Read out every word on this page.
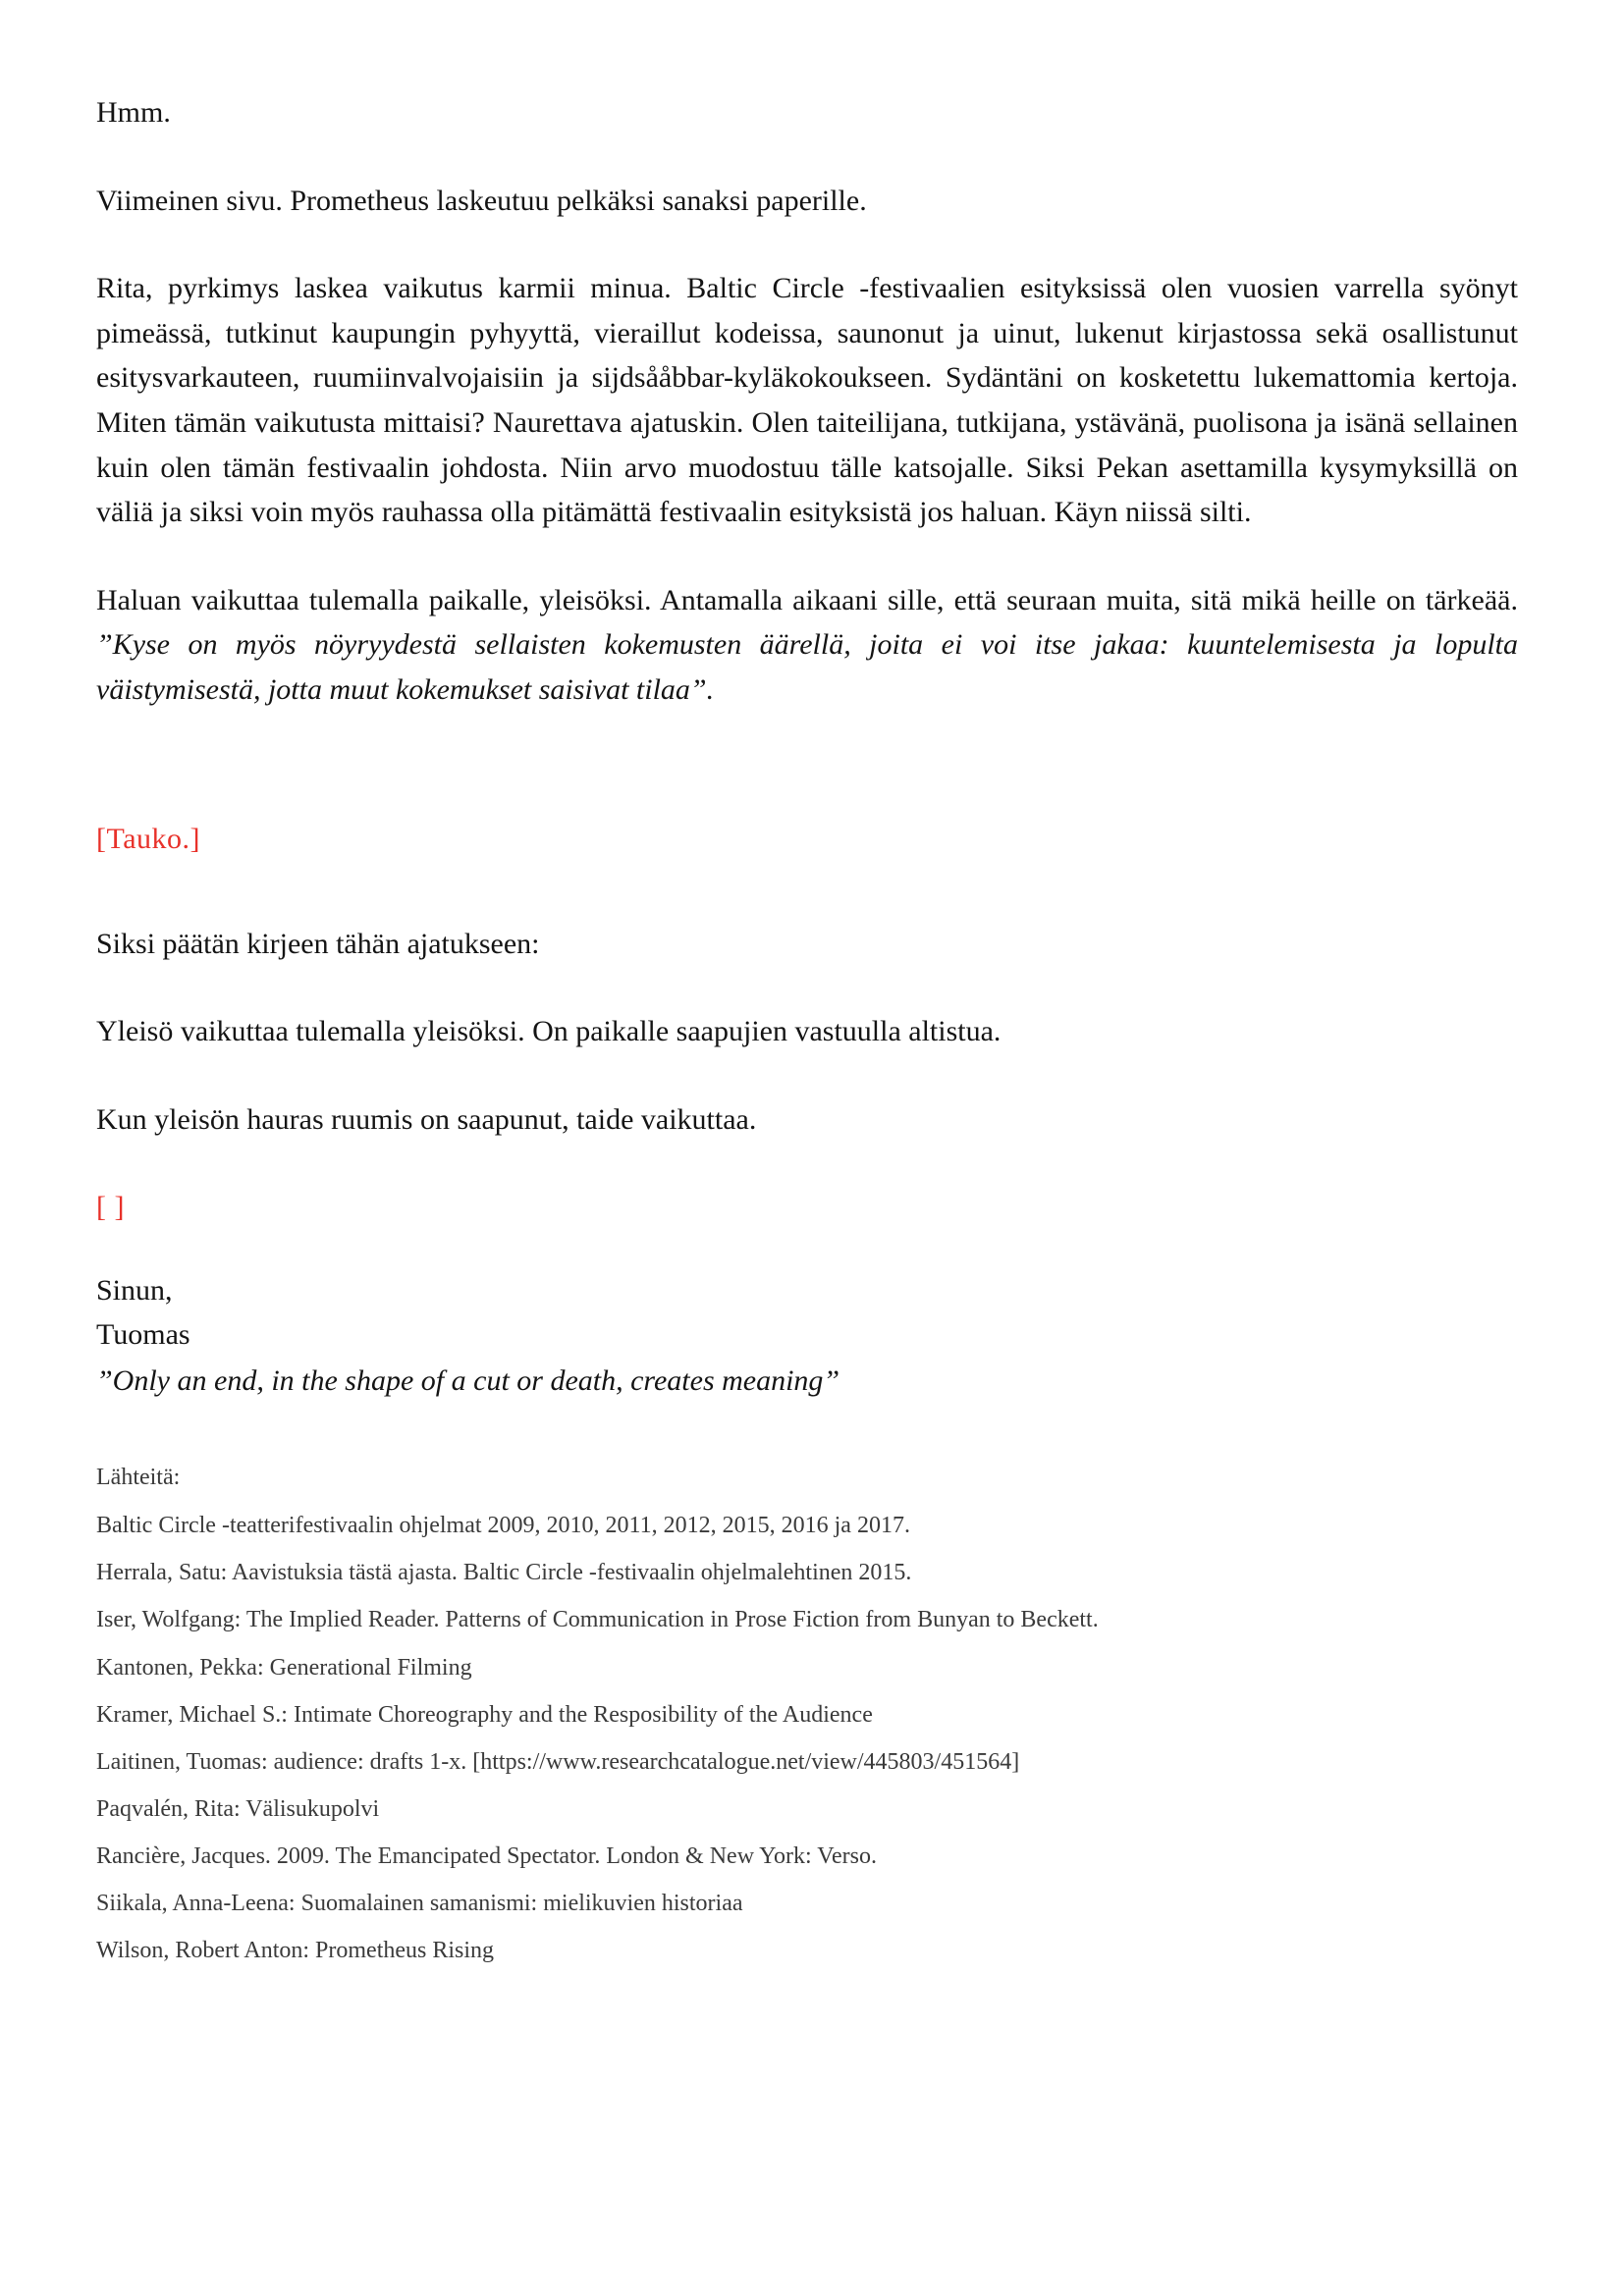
Hmm.

Viimeinen sivu. Prometheus laskeutuu pelkäksi sanaksi paperille.

Rita, pyrkimys laskea vaikutus karmii minua. Baltic Circle -festivaalien esityksissä olen vuosien varrella syönyt pimeässä, tutkinut kaupungin pyhyyttä, vieraillut kodeissa, saunonut ja uinut, lukenut kirjastossa sekä osallistunut esitysvarkauteen, ruumiinvalvojaisiin ja sijdsååbbar-kyläkokoukseen. Sydäntäni on kosketettu lukemattomia kertoja. Miten tämän vaikutusta mittaisi? Naurettava ajatuskin. Olen taiteilijana, tutkijana, ystävänä, puolisona ja isänä sellainen kuin olen tämän festivaalin johdosta. Niin arvo muodostuu tälle katsojalle. Siksi Pekan asettamilla kysymyksillä on väliä ja siksi voin myös rauhassa olla pitämättä festivaalin esityksistä jos haluan. Käyn niissä silti.

Haluan vaikuttaa tulemalla paikalle, yleisöksi. Antamalla aikaani sille, että seuraan muita, sitä mikä heille on tärkeää. ”Kyse on myös nöyryydestä sellaisten kokemusten äärellä, joita ei voi itse jakaa: kuuntelemisesta ja lopulta väistymisestä, jotta muut kokemukset saisivat tilaa”.

[Tauko.]

Siksi päätän kirjeen tähän ajatukseen:

Yleisö vaikuttaa tulemalla yleisöksi. On paikalle saapujien vastuulla altistua.

Kun yleisön hauras ruumis on saapunut, taide vaikuttaa.

[ ]

Sinun,
Tuomas
”Only an end, in the shape of a cut or death, creates meaning”

Lähteitä:

Baltic Circle -teatterifestivaalin ohjelmat 2009, 2010, 2011, 2012, 2015, 2016 ja 2017.

Herrala, Satu: Aavistuksia tästä ajasta. Baltic Circle -festivaalin ohjelmalehtinen 2015.

Iser, Wolfgang: The Implied Reader. Patterns of Communication in Prose Fiction from Bunyan to Beckett.

Kantonen, Pekka: Generational Filming

Kramer, Michael S.: Intimate Choreography and the Resposibility of the Audience

Laitinen, Tuomas: audience: drafts 1-x. [https://www.researchcatalogue.net/view/445803/451564]

Paqvalén, Rita: Välisukupolvi

Rancière, Jacques. 2009. The Emancipated Spectator. London & New York: Verso.

Siikala, Anna-Leena: Suomalainen samanismi: mielikuvien historiaa

Wilson, Robert Anton: Prometheus Rising
